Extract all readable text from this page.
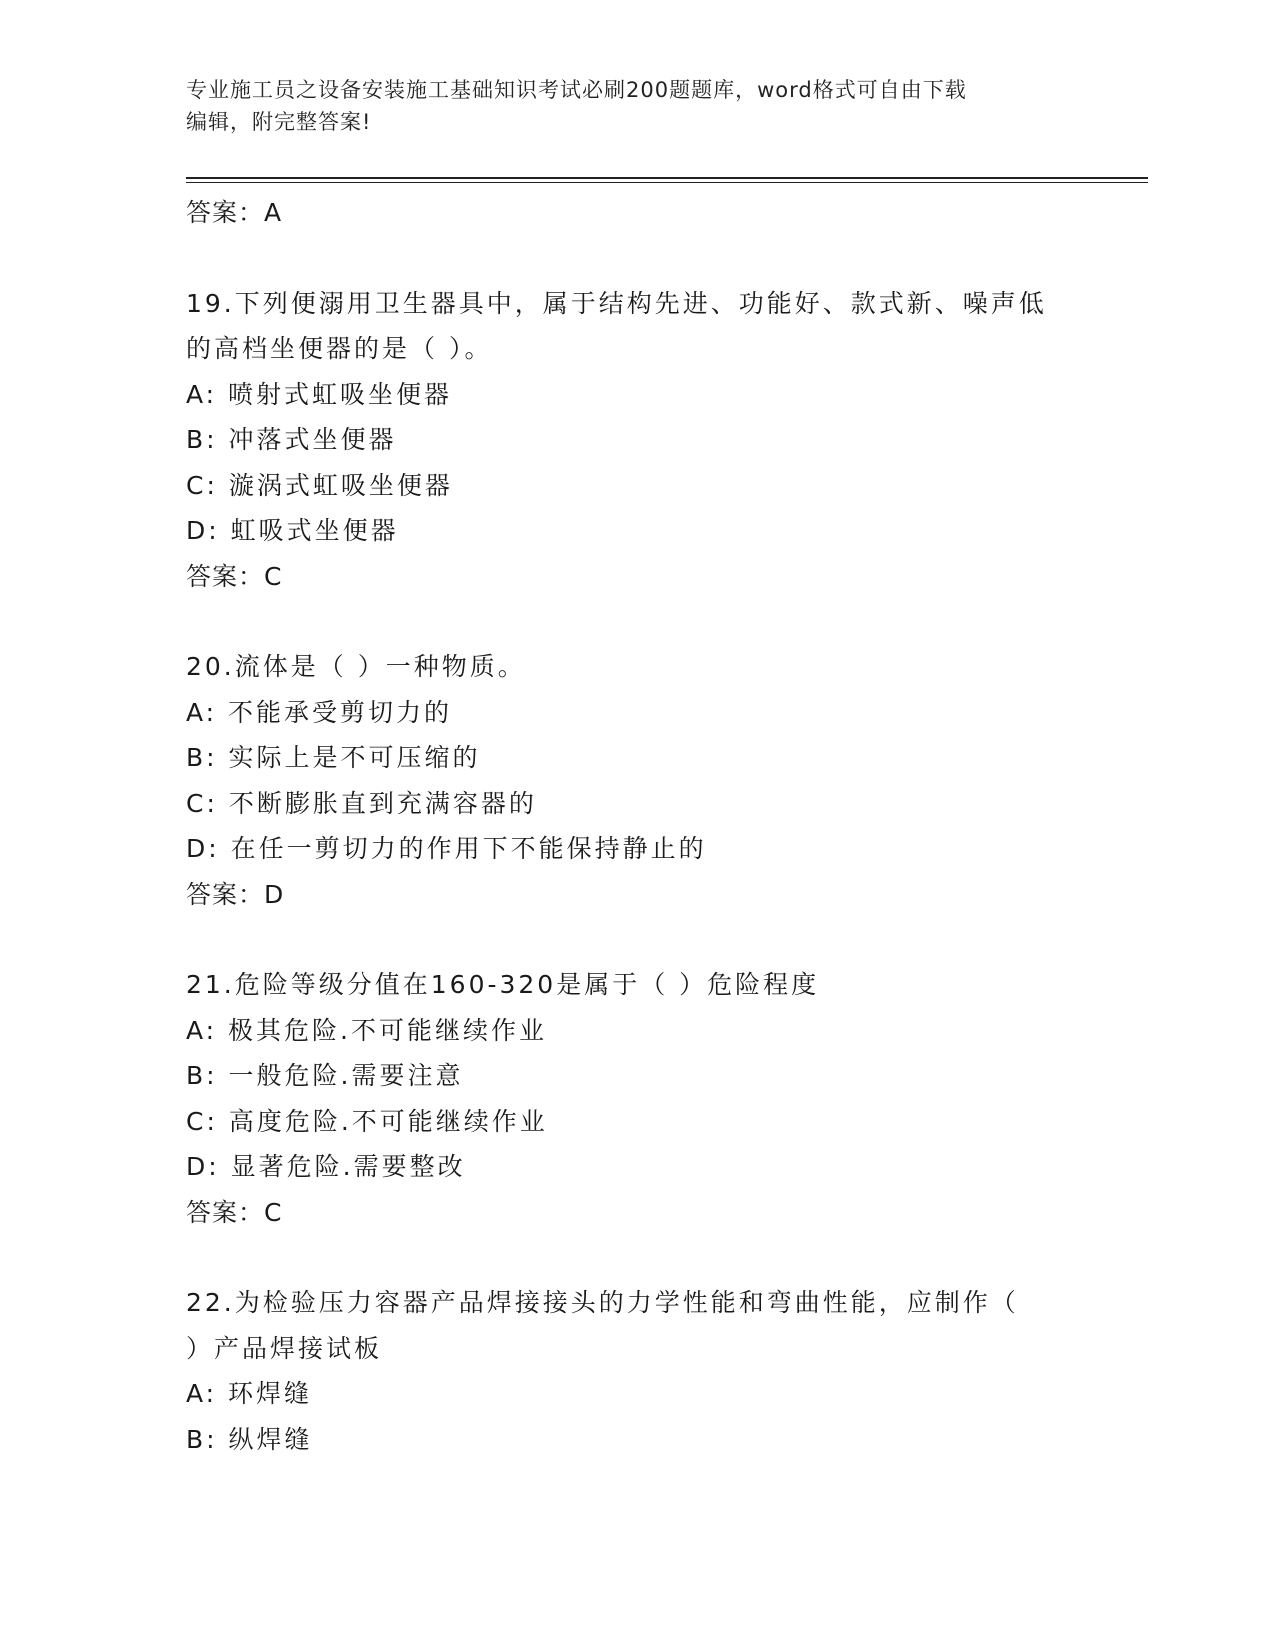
专业施工员之设备安装施工基础知识考试必刷200题题库，word格式可自由下载
编辑，附完整答案!
答案：A
19.下列便溺用卫生器具中，属于结构先进、功能好、款式新、噪声低
的高档坐便器的是（ ）。
A: 喷射式虹吸坐便器
B: 冲落式坐便器
C: 漩涡式虹吸坐便器
D: 虹吸式坐便器
答案：C
20.流体是（ ）一种物质。
A: 不能承受剪切力的
B: 实际上是不可压缩的
C: 不断膨胀直到充满容器的
D: 在任一剪切力的作用下不能保持静止的
答案：D
21.危险等级分值在160-320是属于（ ）危险程度
A: 极其危险.不可能继续作业
B: 一般危险.需要注意
C: 高度危险.不可能继续作业
D: 显著危险.需要整改
答案：C
22.为检验压力容器产品焊接接头的力学性能和弯曲性能，应制作（
）产品焊接试板
A: 环焊缝
B: 纵焊缝
